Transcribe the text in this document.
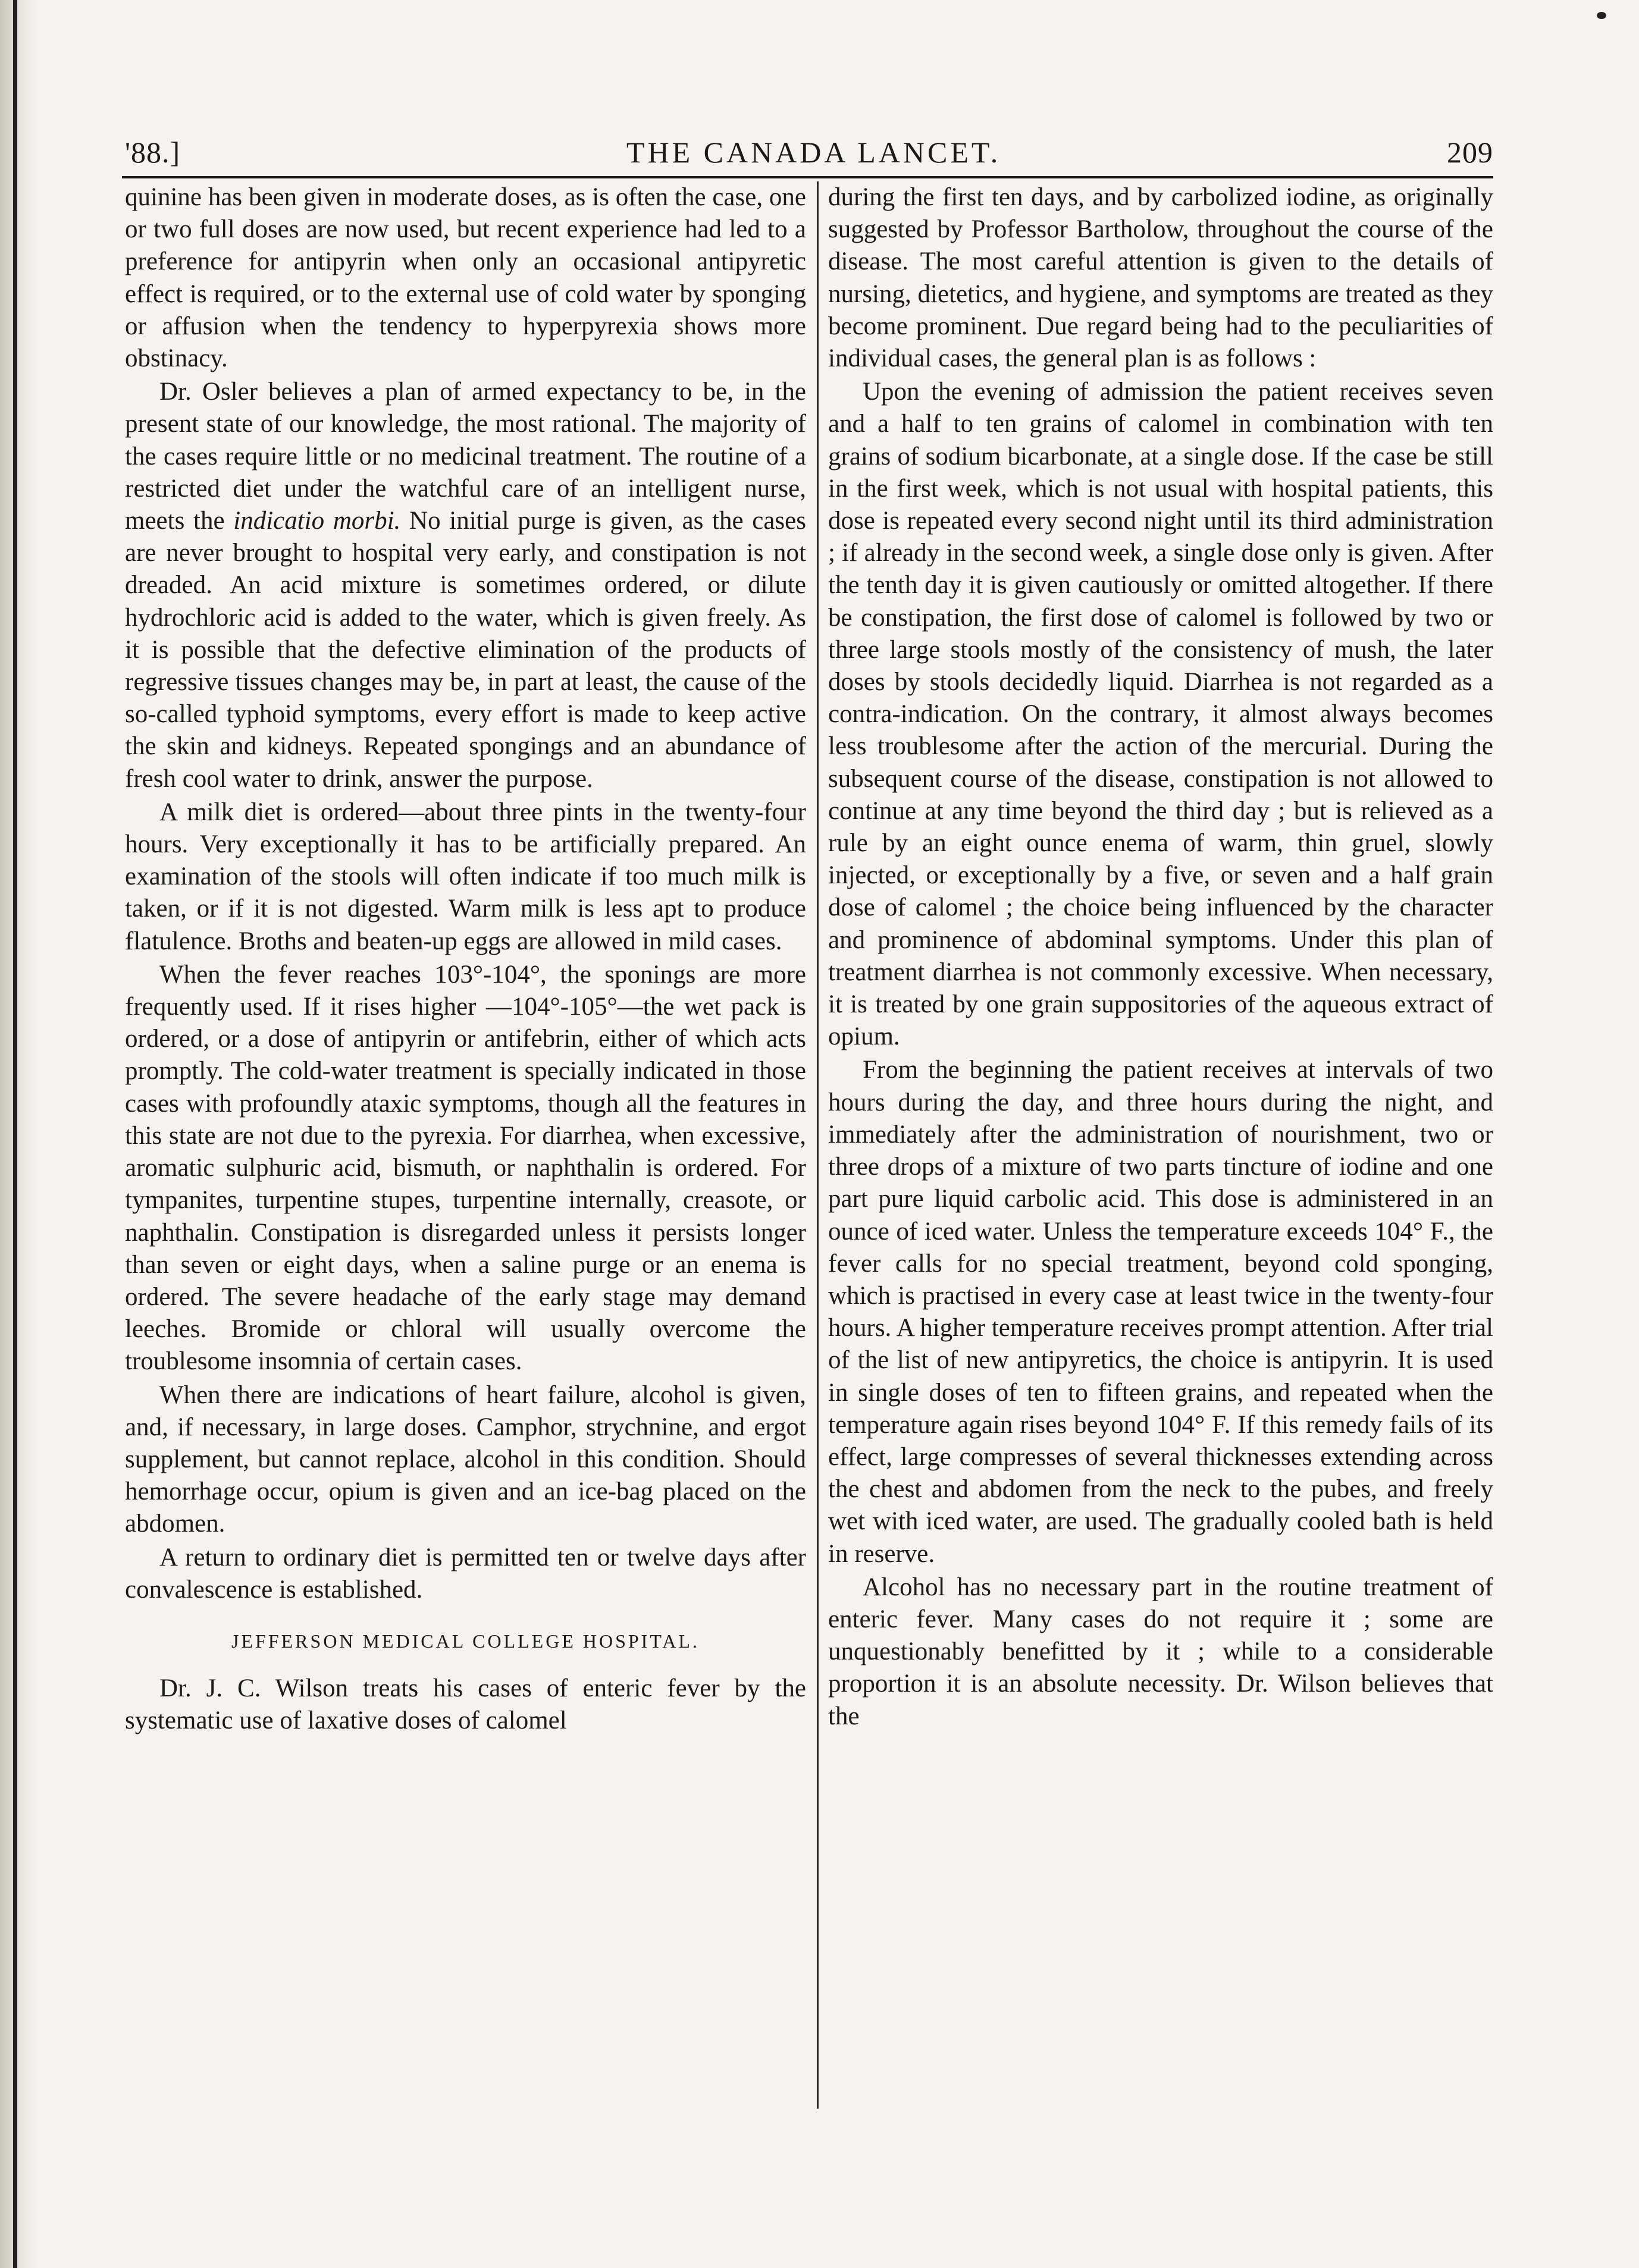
'88.]	THE CANADA LANCET.	209

quinine has been given in moderate doses, as is often the case, one or two full doses are now used, but recent experience had led to a preference for antipyrin when only an occasional antipyretic effect is required, or to the external use of cold water by sponging or affusion when the tendency to hyperpyrexia shows more obstinacy.

Dr. Osler believes a plan of armed expectancy to be, in the present state of our knowledge, the most rational. The majority of the cases require little or no medicinal treatment. The routine of a restricted diet under the watchful care of an intelligent nurse, meets the indicatio morbi. No initial purge is given, as the cases are never brought to hospital very early, and constipation is not dreaded. An acid mixture is sometimes ordered, or dilute hydrochloric acid is added to the water, which is given freely. As it is possible that the defective elimination of the products of regressive tissues changes may be, in part at least, the cause of the so-called typhoid symptoms, every effort is made to keep active the skin and kidneys. Repeated spongings and an abundance of fresh cool water to drink, answer the purpose.

A milk diet is ordered—about three pints in the twenty-four hours. Very exceptionally it has to be artificially prepared. An examination of the stools will often indicate if too much milk is taken, or if it is not digested. Warm milk is less apt to produce flatulence. Broths and beaten-up eggs are allowed in mild cases.

When the fever reaches 103°-104°, the sponings are more frequently used. If it rises higher —104°-105°—the wet pack is ordered, or a dose of antipyrin or antifebrin, either of which acts promptly. The cold-water treatment is specially indicated in those cases with profoundly ataxic symptoms, though all the features in this state are not due to the pyrexia. For diarrhea, when excessive, aromatic sulphuric acid, bismuth, or naphthalin is ordered. For tympanites, turpentine stupes, turpentine internally, creasote, or naphthalin. Constipation is disregarded unless it persists longer than seven or eight days, when a saline purge or an enema is ordered. The severe headache of the early stage may demand leeches. Bromide or chloral will usually overcome the troublesome insomnia of certain cases.

When there are indications of heart failure, alcohol is given, and, if necessary, in large doses. Camphor, strychnine, and ergot supplement, but cannot replace, alcohol in this condition. Should hemorrhage occur, opium is given and an ice-bag placed on the abdomen.

A return to ordinary diet is permitted ten or twelve days after convalescence is established.

JEFFERSON MEDICAL COLLEGE HOSPITAL.

Dr. J. C. Wilson treats his cases of enteric fever by the systematic use of laxative doses of calomel

during the first ten days, and by carbolized iodine, as originally suggested by Professor Bartholow, throughout the course of the disease. The most careful attention is given to the details of nursing, dietetics, and hygiene, and symptoms are treated as they become prominent. Due regard being had to the peculiarities of individual cases, the general plan is as follows :

Upon the evening of admission the patient receives seven and a half to ten grains of calomel in combination with ten grains of sodium bicarbonate, at a single dose. If the case be still in the first week, which is not usual with hospital patients, this dose is repeated every second night until its third administration ; if already in the second week, a single dose only is given. After the tenth day it is given cautiously or omitted altogether. If there be constipation, the first dose of calomel is followed by two or three large stools mostly of the consistency of mush, the later doses by stools decidedly liquid. Diarrhea is not regarded as a contra-indication. On the contrary, it almost always becomes less troublesome after the action of the mercurial. During the subsequent course of the disease, constipation is not allowed to continue at any time beyond the third day ; but is relieved as a rule by an eight ounce enema of warm, thin gruel, slowly injected, or exceptionally by a five, or seven and a half grain dose of calomel ; the choice being influenced by the character and prominence of abdominal symptoms. Under this plan of treatment diarrhea is not commonly excessive. When necessary, it is treated by one grain suppositories of the aqueous extract of opium.

From the beginning the patient receives at intervals of two hours during the day, and three hours during the night, and immediately after the administration of nourishment, two or three drops of a mixture of two parts tincture of iodine and one part pure liquid carbolic acid. This dose is administered in an ounce of iced water. Unless the temperature exceeds 104° F., the fever calls for no special treatment, beyond cold sponging, which is practised in every case at least twice in the twenty-four hours. A higher temperature receives prompt attention. After trial of the list of new antipyretics, the choice is antipyrin. It is used in single doses of ten to fifteen grains, and repeated when the temperature again rises beyond 104° F. If this remedy fails of its effect, large compresses of several thicknesses extending across the chest and abdomen from the neck to the pubes, and freely wet with iced water, are used. The gradually cooled bath is held in reserve.

Alcohol has no necessary part in the routine treatment of enteric fever. Many cases do not require it ; some are unquestionably benefitted by it ; while to a considerable proportion it is an absolute necessity. Dr. Wilson believes that the
